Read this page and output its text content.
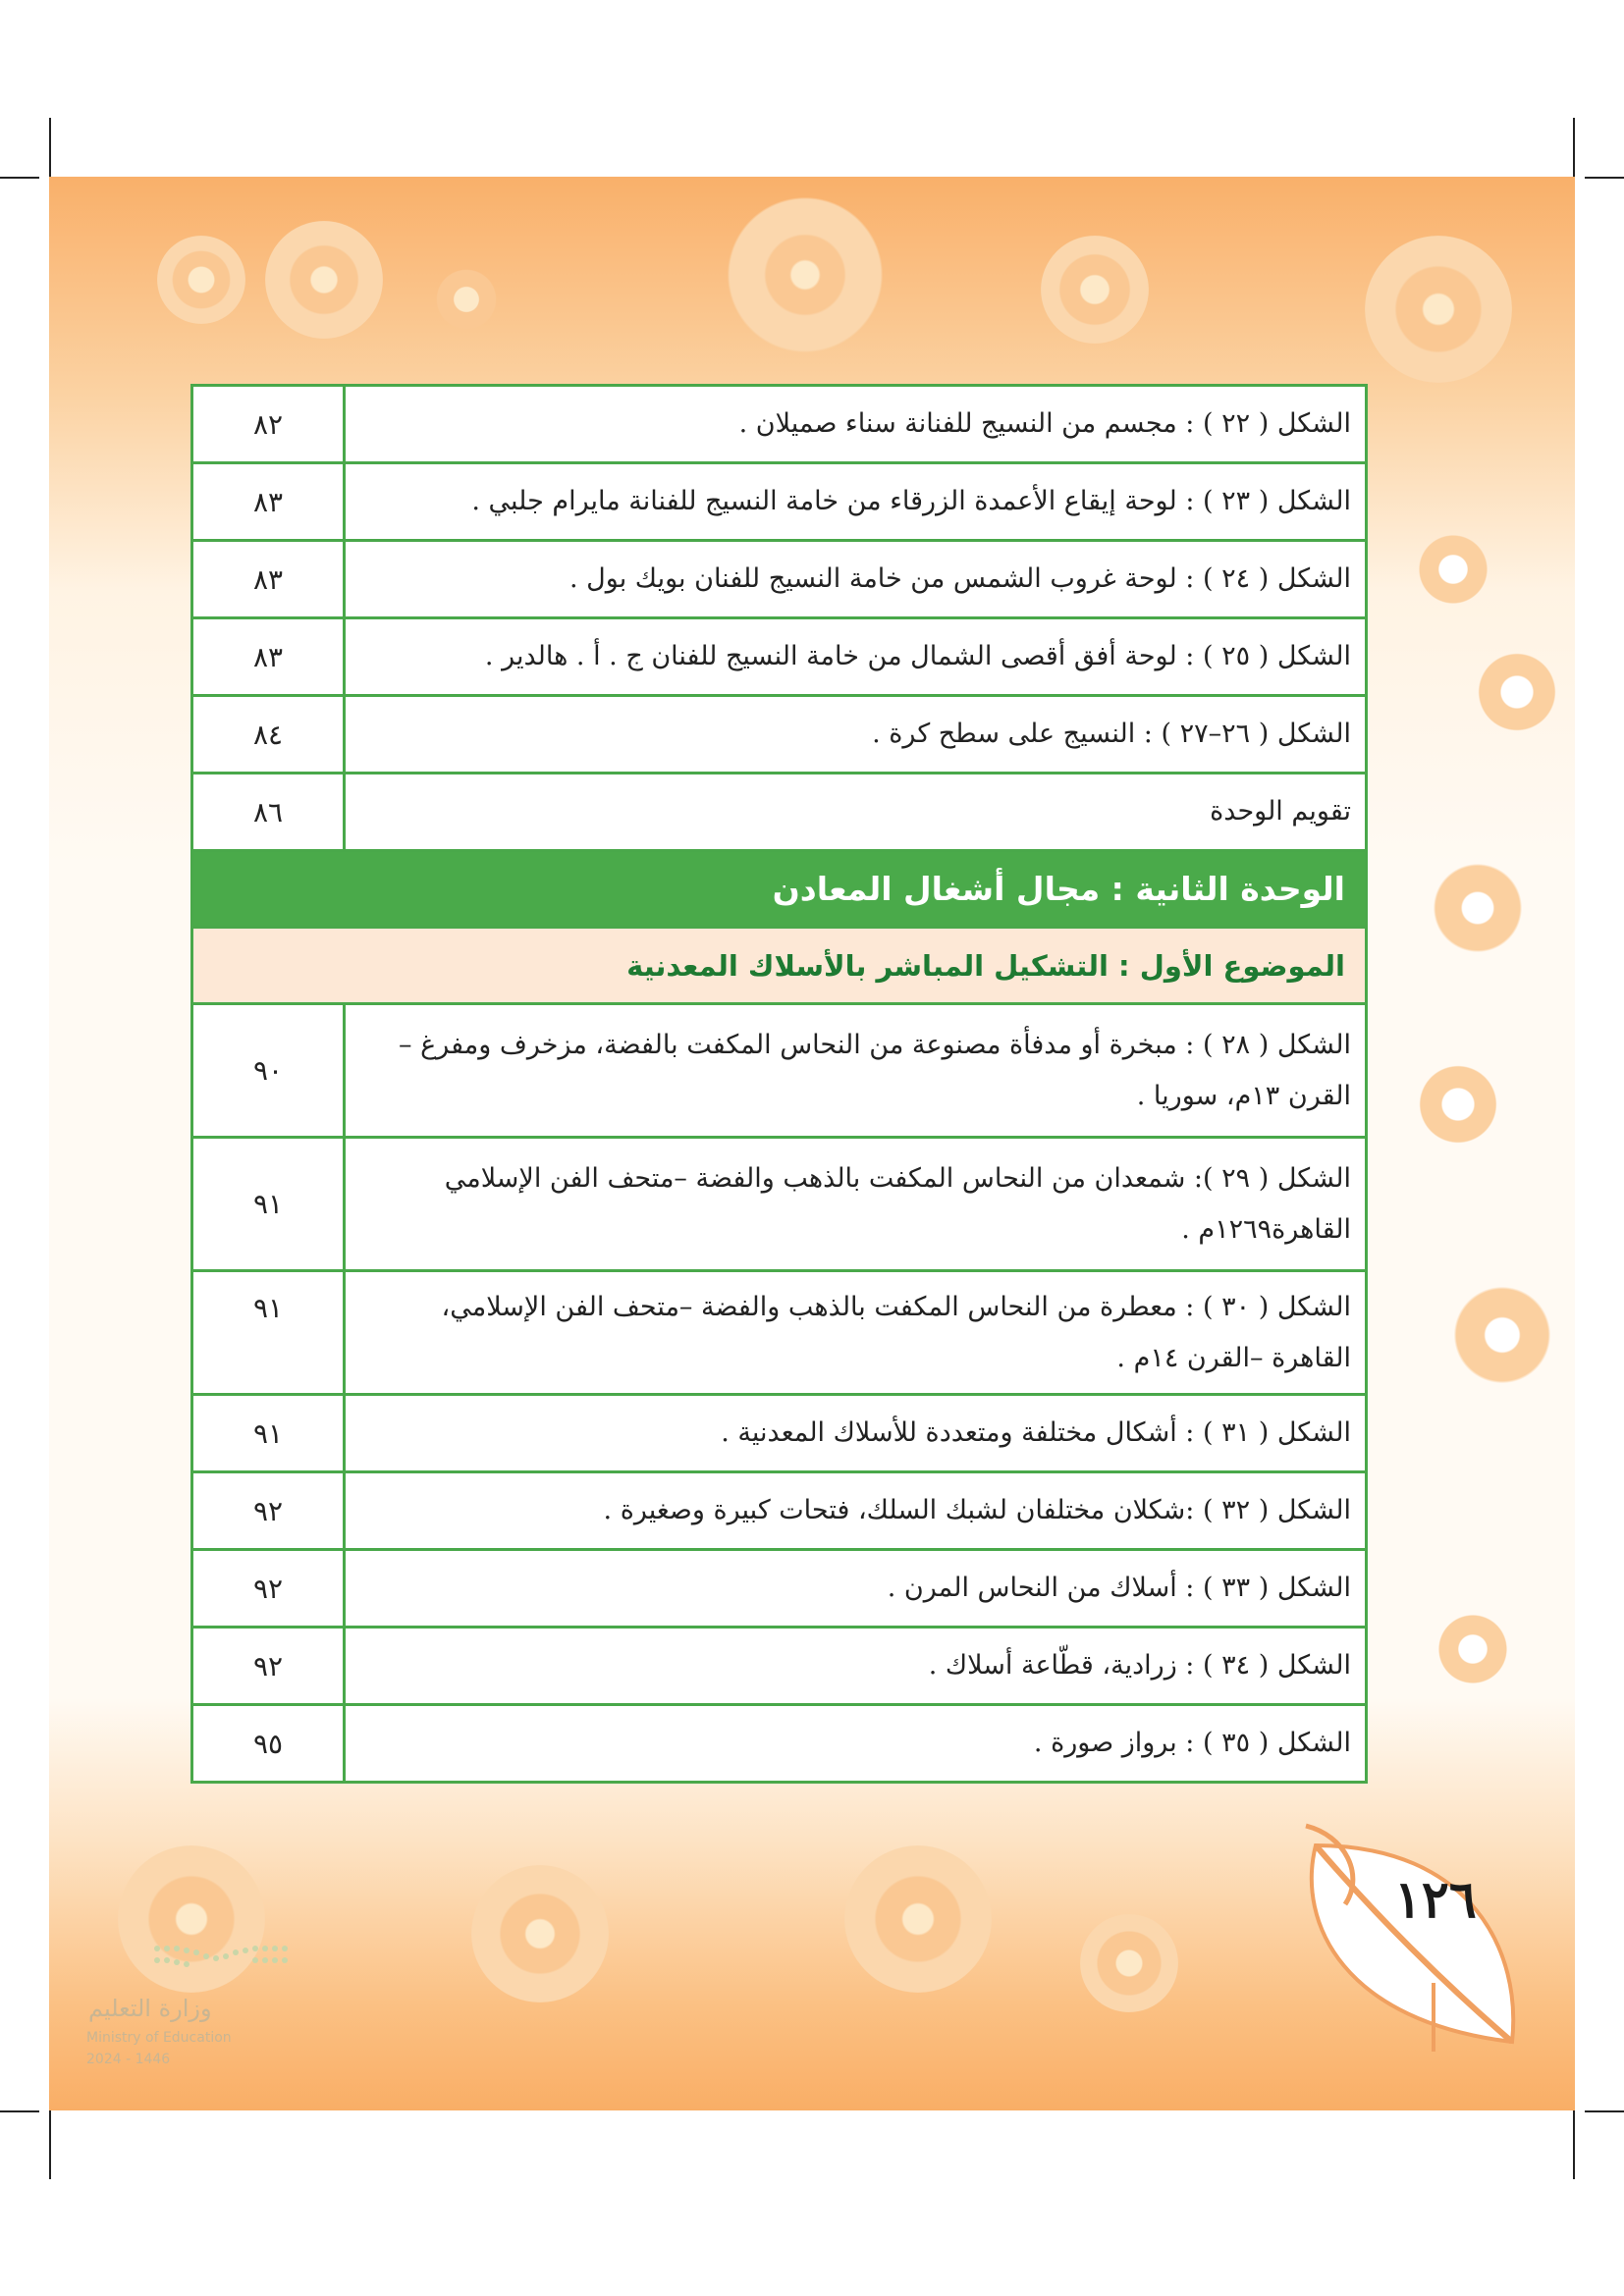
الشكل ( ٢٢ ) : مجسم من النسيج للفنانة سناء صميلان .	٨٢
الشكل ( ٢٣ ) : لوحة إيقاع الأعمدة الزرقاء من خامة النسيج للفنانة مايرام جلبي .	٨٣
الشكل ( ٢٤ ) : لوحة غروب الشمس من خامة النسيج للفنان بويك بول .	٨٣
الشكل ( ٢٥ ) : لوحة أفق أقصى الشمال من خامة النسيج للفنان ج . أ . هالدير .	٨٣
الشكل ( ٢٦–٢٧ ) : النسيج على سطح كرة .	٨٤
تقويم الوحدة	٨٦
الوحدة الثانية : مجال أشغال المعادن	
الموضوع الأول : التشكيل المباشر بالأسلاك المعدنية	
الشكل ( ٢٨ ) : مبخرة أو مدفأة مصنوعة من النحاس المكفت بالفضة، مزخرف ومفرغ –القرن ١٣م، سوريا .	٩٠
الشكل ( ٢٩ ): شمعدان من النحاس المكفت بالذهب والفضة –متحف الفن الإسلامي القاهرة١٢٦٩م .	٩١
الشكل ( ٣٠ ) : معطرة من النحاس المكفت بالذهب والفضة –متحف الفن الإسلامي، القاهرة –القرن ١٤م .	٩١
الشكل ( ٣١ ) : أشكال مختلفة ومتعددة للأسلاك المعدنية .	٩١
الشكل ( ٣٢ ) :شكلان مختلفان لشبك السلك، فتحات كبيرة وصغيرة .	٩٢
الشكل ( ٣٣ ) : أسلاك من النحاس المرن .	٩٢
الشكل ( ٣٤ ) : زرادية، قطّاعة أسلاك .	٩٢
الشكل ( ٣٥ ) : برواز صورة .	٩٥
١٢٦
وزارة التعليم
Ministry of Education
2024 - 1446
